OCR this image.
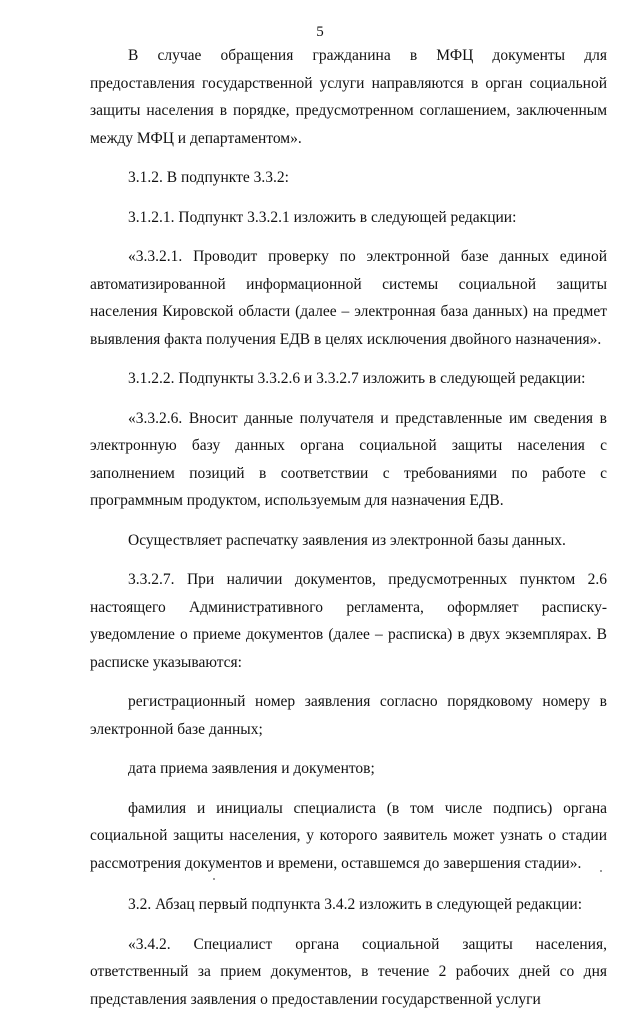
5

В случае обращения гражданина в МФЦ документы для предоставления государственной услуги направляются в орган социальной защиты населения в порядке, предусмотренном соглашением, заключенным между МФЦ и департаментом».

3.1.2. В подпункте 3.3.2:

3.1.2.1. Подпункт 3.3.2.1 изложить в следующей редакции:

«3.3.2.1. Проводит проверку по электронной базе данных единой автоматизированной информационной системы социальной защиты населения Кировской области (далее – электронная база данных) на предмет выявления факта получения ЕДВ в целях исключения двойного назначения».

3.1.2.2. Подпункты 3.3.2.6 и 3.3.2.7 изложить в следующей редакции:

«3.3.2.6. Вносит данные получателя и представленные им сведения в электронную базу данных органа социальной защиты населения с заполнением позиций в соответствии с требованиями по работе с программным продуктом, используемым для назначения ЕДВ.

Осуществляет распечатку заявления из электронной базы данных.

3.3.2.7. При наличии документов, предусмотренных пунктом 2.6 настоящего Административного регламента, оформляет расписку-уведомление о приеме документов (далее – расписка) в двух экземплярах. В расписке указываются:

регистрационный номер заявления согласно порядковому номеру в электронной базе данных;

дата приема заявления и документов;

фамилия и инициалы специалиста (в том числе подпись) органа социальной защиты населения, у которого заявитель может узнать о стадии рассмотрения документов и времени, оставшемся до завершения стадии».

3.2. Абзац первый подпункта 3.4.2 изложить в следующей редакции:

«3.4.2. Специалист органа социальной защиты населения, ответственный за прием документов, в течение 2 рабочих дней со дня представления заявления о предоставлении государственной услуги
